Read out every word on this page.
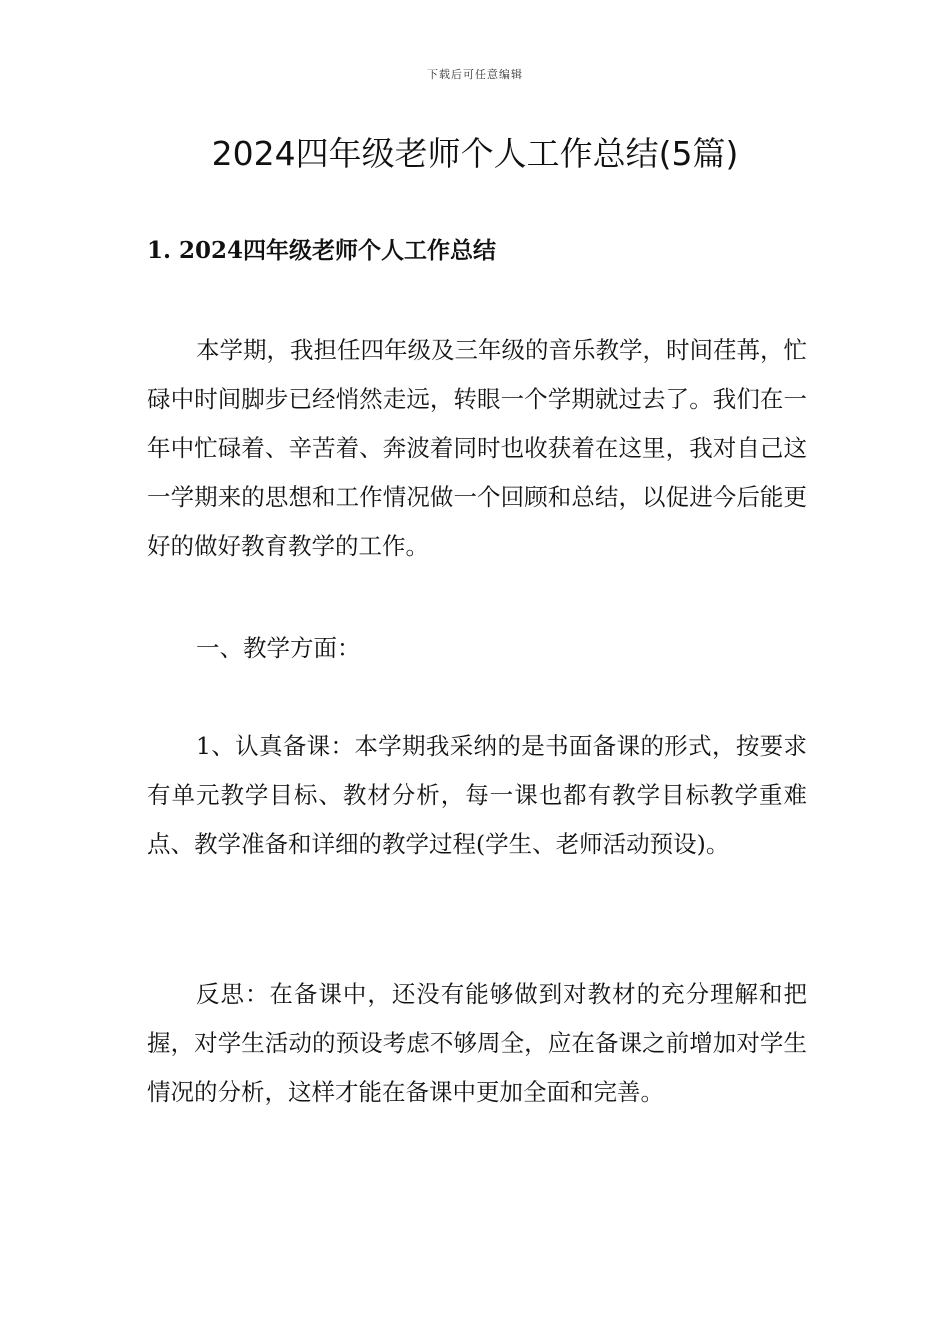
下载后可任意编辑
2024四年级老师个人工作总结(5篇)
1. 2024四年级老师个人工作总结

本学期，我担任四年级及三年级的音乐教学，时间荏苒，忙碌中时间脚步已经悄然走远，转眼一个学期就过去了。我们在一年中忙碌着、辛苦着、奔波着同时也收获着在这里，我对自己这一学期来的思想和工作情况做一个回顾和总结，以促进今后能更好的做好教育教学的工作。

一、教学方面：

1、认真备课：本学期我采纳的是书面备课的形式，按要求有单元教学目标、教材分析，每一课也都有教学目标教学重难点、教学准备和详细的教学过程(学生、老师活动预设)。

反思：在备课中，还没有能够做到对教材的充分理解和把握，对学生活动的预设考虑不够周全，应在备课之前增加对学生情况的分析，这样才能在备课中更加全面和完善。
